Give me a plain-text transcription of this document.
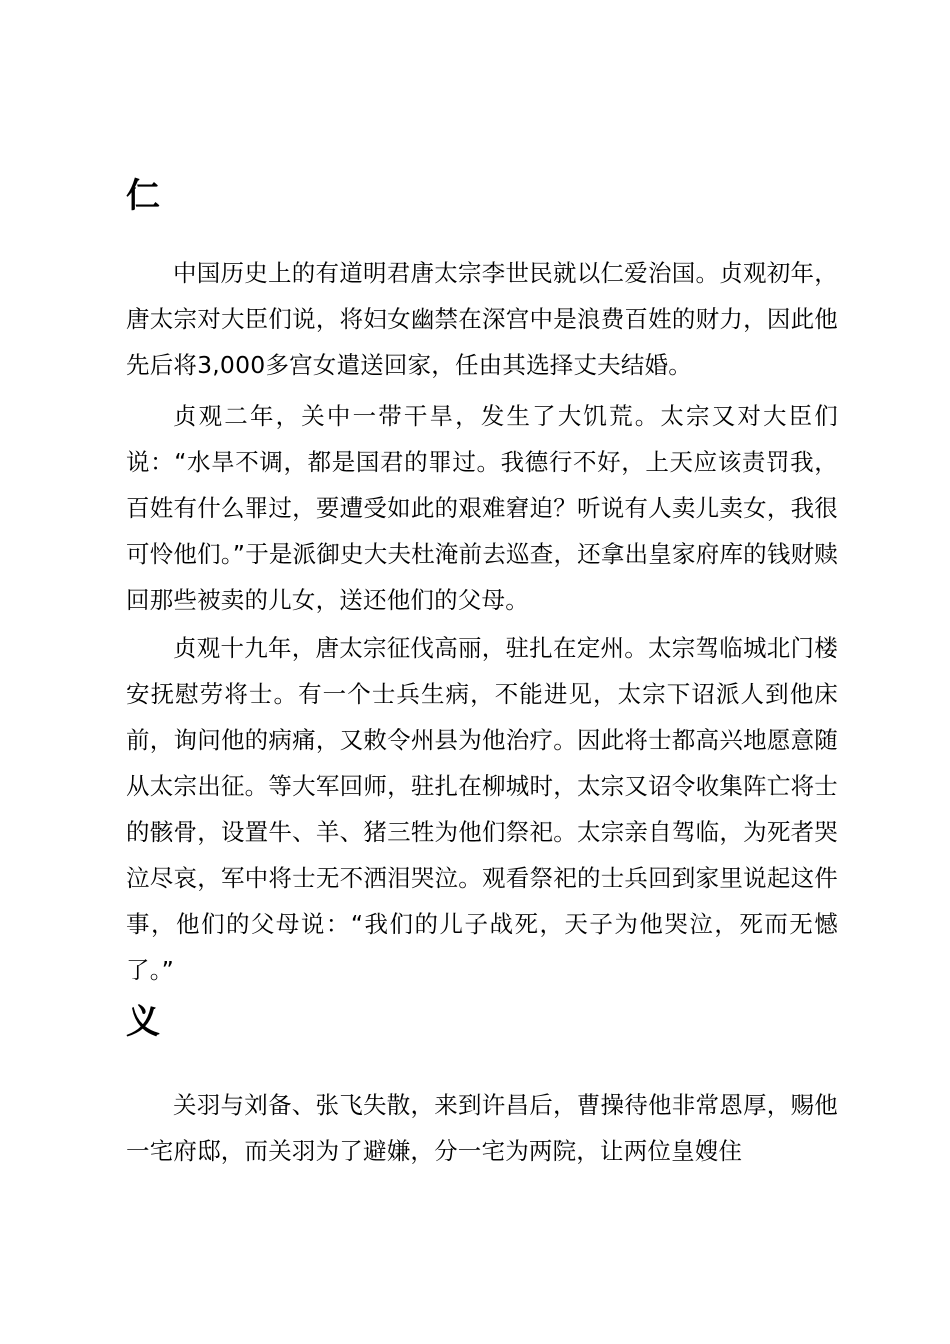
仁

中国历史上的有道明君唐太宗李世民就以仁爱治国。贞观初年，唐太宗对大臣们说，将妇女幽禁在深宫中是浪费百姓的财力，因此他先后将3,000多宫女遣送回家，任由其选择丈夫结婚。

贞观二年，关中一带干旱，发生了大饥荒。太宗又对大臣们说：“水旱不调，都是国君的罪过。我德行不好，上天应该责罚我，百姓有什么罪过，要遭受如此的艰难窘迫？听说有人卖儿卖女，我很可怜他们。”于是派御史大夫杜淹前去巡查，还拿出皇家府库的钱财赎回那些被卖的儿女，送还他们的父母。

贞观十九年，唐太宗征伐高丽，驻扎在定州。太宗驾临城北门楼安抚慰劳将士。有一个士兵生病，不能进见，太宗下诏派人到他床前，询问他的病痛，又敕令州县为他治疗。因此将士都高兴地愿意随从太宗出征。等大军回师，驻扎在柳城时，太宗又诏令收集阵亡将士的骸骨，设置牛、羊、猪三牲为他们祭祀。太宗亲自驾临，为死者哭泣尽哀，军中将士无不洒泪哭泣。观看祭祀的士兵回到家里说起这件事，他们的父母说：“我们的儿子战死，天子为他哭泣，死而无憾了。”

义

关羽与刘备、张飞失散，来到许昌后，曹操待他非常恩厚，赐他一宅府邸，而关羽为了避嫌，分一宅为两院，让两位皇嫂住
